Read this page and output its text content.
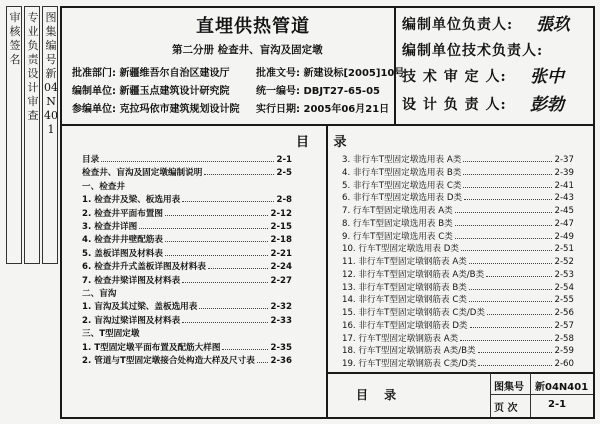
审 核 签 名
专 业 负 责 设 计 审 查
图 集 编 号 新04N401
直埋供热管道
第二分册 检查井、盲沟及固定墩
批准部门: 新疆维吾尔自治区建设厅	批准文号: 新建设标[2005]10号
编制单位: 新疆玉点建筑设计研究院	统一编号: DBJT27-65-05
参编单位: 克拉玛依市建筑规划设计院 实行日期: 2005年06月21日
编制单位负责人: 張玖
编制单位技术负责人:
技 术 审 定 人: 张中
设 计 负 责 人: 彭勃
目 录
目录	2-1
检查井、盲沟及固定墩编制说明	2-5
一、检查井
1. 检查井及梁、板选用表	2-8
2. 检查井平面布置图	2-12
3. 检查井详图	2-15
4. 检查井井壁配筋表	2-18
5. 盖板详图及材料表	2-21
6. 检查井升式盖板详图及材料表	2-24
7. 检查井梁详图及材料表	2-27
二、盲沟
1. 盲沟及其过梁、盖板选用表	2-32
2. 盲沟过梁详图及材料表	2-33
三、T型固定墩
1. T型固定墩平面布置及配筋大样图	2-35
2. 管道与T型固定墩接合处构造大样及尺寸表 2-36
3. 非行车T型固定墩选用表 A类	2-37
4. 非行车T型固定墩选用表 B类	2-39
5. 非行车T型固定墩选用表 C类	2-41
6. 非行车T型固定墩选用表 D类	2-43
7. 行车T型固定墩选用表 A类	2-45
8. 行车T型固定墩选用表 B类	2-47
9. 行车T型固定墩选用表 C类	2-49
10. 行车T型固定墩选用表 D类	2-51
11. 非行车T型固定墩钢筋表 A类	2-52
12. 非行车T型固定墩钢筋表 A类/B类	2-53
13. 非行车T型固定墩钢筋表 B类	2-54
14. 非行车T型固定墩钢筋表 C类	2-55
15. 非行车T型固定墩钢筋表 C类/D类	2-56
16. 非行车T型固定墩钢筋表 D类	2-57
17. 行车T型固定墩钢筋表 A类	2-58
18. 行车T型固定墩钢筋表 A类/B类	2-59
19. 行车T型固定墩钢筋表 C类/D类	2-60
目 录
图集号 新04N401
页 次	2-1
